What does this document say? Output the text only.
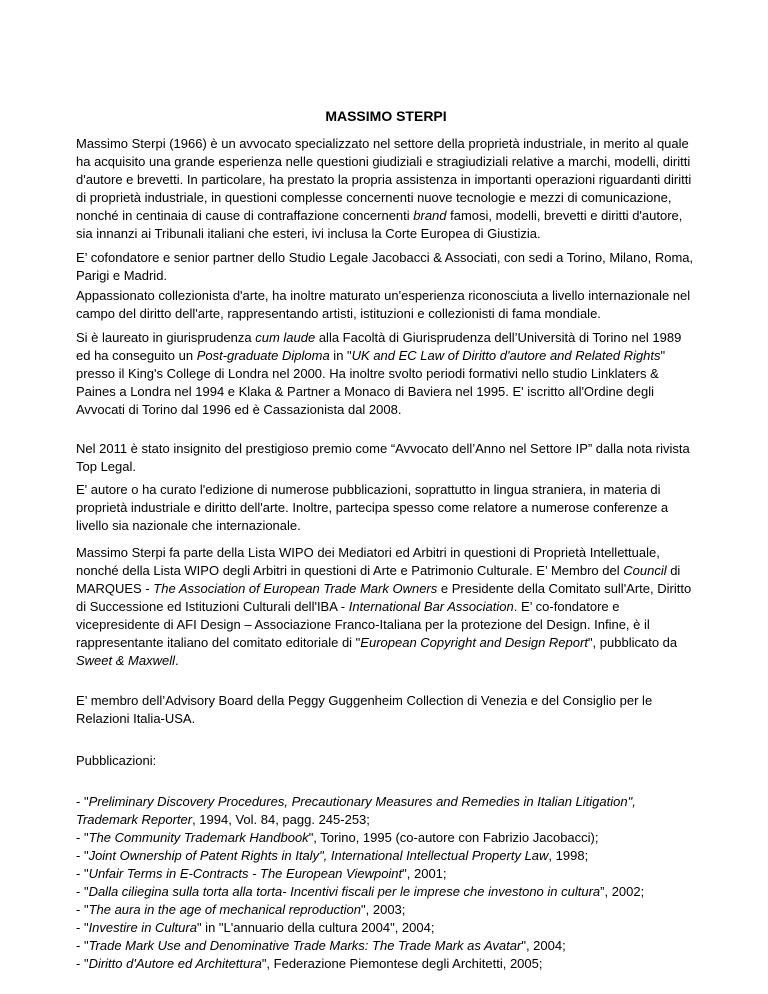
MASSIMO STERPI

Massimo Sterpi (1966) è un avvocato specializzato nel settore della proprietà industriale, in merito al quale ha acquisito una grande esperienza nelle questioni giudiziali e stragiudiziali relative a marchi, modelli, diritti d'autore e brevetti. In particolare, ha prestato la propria assistenza in importanti operazioni riguardanti diritti di proprietà industriale, in questioni complesse concernenti nuove tecnologie e mezzi di comunicazione, nonché in centinaia di cause di contraffazione concernenti brand famosi, modelli, brevetti e diritti d'autore, sia innanzi ai Tribunali italiani che esteri, ivi inclusa la Corte Europea di Giustizia.

E’ cofondatore e senior partner dello Studio Legale Jacobacci & Associati, con sedi a Torino, Milano, Roma, Parigi e Madrid.

Appassionato collezionista d'arte, ha inoltre maturato un'esperienza riconosciuta a livello internazionale nel campo del diritto dell'arte, rappresentando artisti, istituzioni e collezionisti di fama mondiale.

Si è laureato in giurisprudenza cum laude alla Facoltà di Giurisprudenza dell’Università di Torino nel 1989 ed ha conseguito un Post-graduate Diploma in "UK and EC Law of Diritto d'autore and Related Rights" presso il King's College di Londra nel 2000. Ha inoltre svolto periodi formativi nello studio Linklaters & Paines a Londra nel 1994 e Klaka & Partner a Monaco di Baviera nel 1995. E' iscritto all'Ordine degli Avvocati di Torino dal 1996 ed è Cassazionista dal 2008.

Nel 2011 è stato insignito del prestigioso premio come “Avvocato dell’Anno nel Settore IP” dalla nota rivista Top Legal.

E' autore o ha curato l'edizione di numerose pubblicazioni, soprattutto in lingua straniera, in materia di proprietà industriale e diritto dell'arte. Inoltre, partecipa spesso come relatore a numerose conferenze a livello sia nazionale che internazionale.

Massimo Sterpi fa parte della Lista WIPO dei Mediatori ed Arbitri in questioni di Proprietà Intellettuale, nonché della Lista WIPO degli Arbitri in questioni di Arte e Patrimonio Culturale. E’ Membro del Council di MARQUES - The Association of European Trade Mark Owners e Presidente della Comitato sull'Arte, Diritto di Successione ed Istituzioni Culturali dell'IBA - International Bar Association. E’ co-fondatore e vicepresidente di AFI Design – Associazione Franco-Italiana per la protezione del Design. Infine, è il rappresentante italiano del comitato editoriale di "European Copyright and Design Report", pubblicato da Sweet & Maxwell.

E’ membro dell’Advisory Board della Peggy Guggenheim Collection di Venezia e del Consiglio per le Relazioni Italia-USA.

Pubblicazioni:

- "Preliminary Discovery Procedures, Precautionary Measures and Remedies in Italian Litigation", Trademark Reporter, 1994, Vol. 84, pagg. 245-253;
- "The Community Trademark Handbook", Torino, 1995 (co-autore con Fabrizio Jacobacci);
- "Joint Ownership of Patent Rights in Italy", International Intellectual Property Law, 1998;
- "Unfair Terms in E-Contracts - The European Viewpoint", 2001;
- "Dalla ciliegina sulla torta alla torta- Incentivi fiscali per le imprese che investono in cultura”, 2002;
- "The aura in the age of mechanical reproduction", 2003;
- "Investire in Cultura" in "L'annuario della cultura 2004", 2004;
- "Trade Mark Use and Denominative Trade Marks: The Trade Mark as Avatar", 2004;
- "Diritto d'Autore ed Architettura", Federazione Piemontese degli Architetti, 2005;
